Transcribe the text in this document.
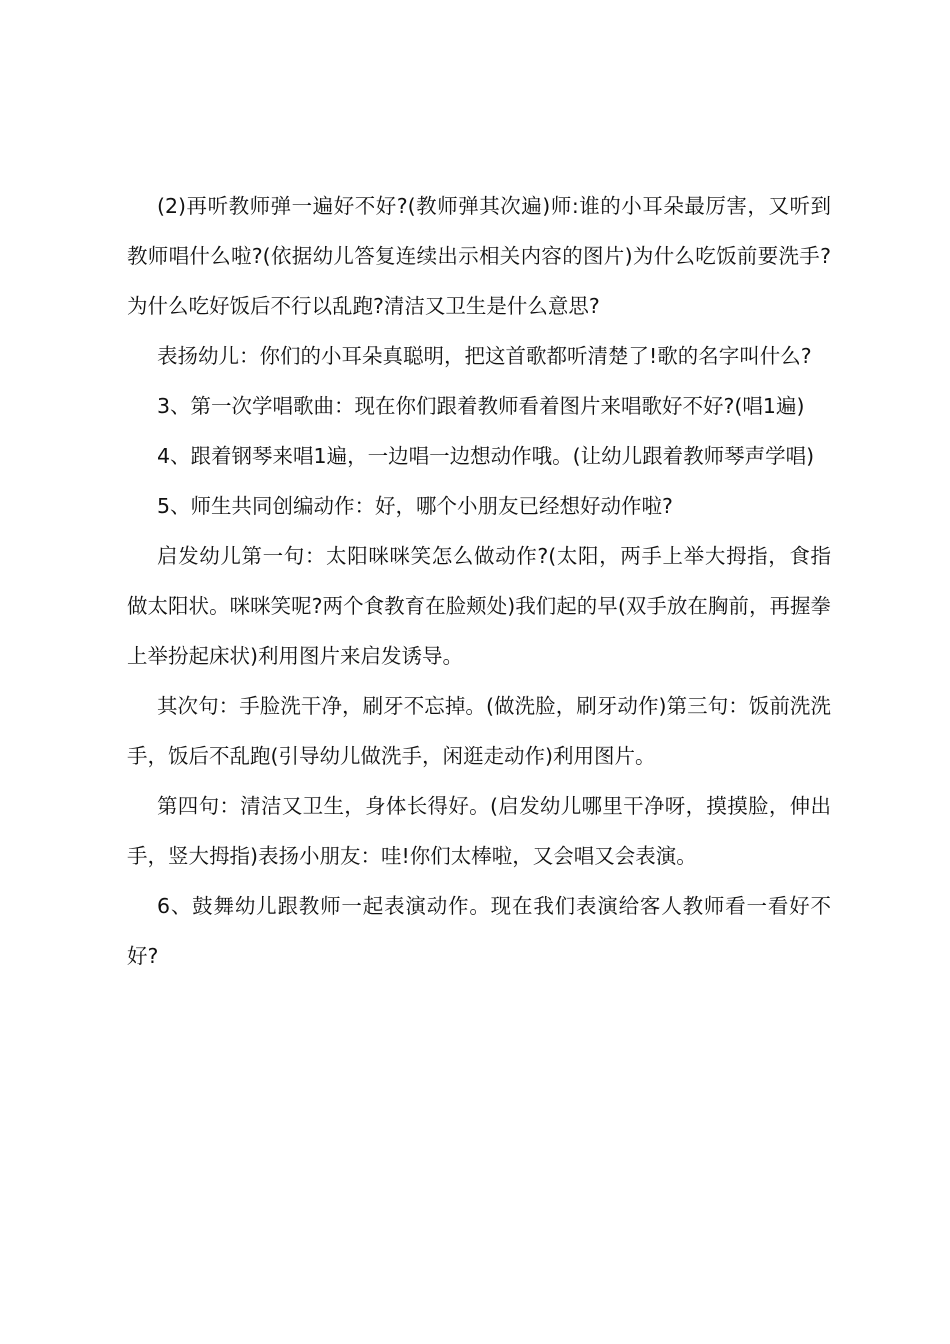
(2)再听教师弹一遍好不好?(教师弹其次遍)师:谁的小耳朵最厉害，又听到教师唱什么啦?(依据幼儿答复连续出示相关内容的图片)为什么吃饭前要洗手?为什么吃好饭后不行以乱跑?清洁又卫生是什么意思?

表扬幼儿：你们的小耳朵真聪明，把这首歌都听清楚了!歌的名字叫什么?

3、第一次学唱歌曲：现在你们跟着教师看着图片来唱歌好不好?(唱1遍)

4、跟着钢琴来唱1遍，一边唱一边想动作哦。(让幼儿跟着教师琴声学唱)

5、师生共同创编动作：好，哪个小朋友已经想好动作啦?

启发幼儿第一句：太阳咪咪笑怎么做动作?(太阳，两手上举大拇指，食指做太阳状。咪咪笑呢?两个食教育在脸颊处)我们起的早(双手放在胸前，再握拳上举扮起床状)利用图片来启发诱导。

其次句：手脸洗干净，刷牙不忘掉。(做洗脸，刷牙动作)第三句：饭前洗洗手，饭后不乱跑(引导幼儿做洗手，闲逛走动作)利用图片。

第四句：清洁又卫生，身体长得好。(启发幼儿哪里干净呀，摸摸脸，伸出手，竖大拇指)表扬小朋友：哇!你们太棒啦，又会唱又会表演。

6、鼓舞幼儿跟教师一起表演动作。现在我们表演给客人教师看一看好不好?
